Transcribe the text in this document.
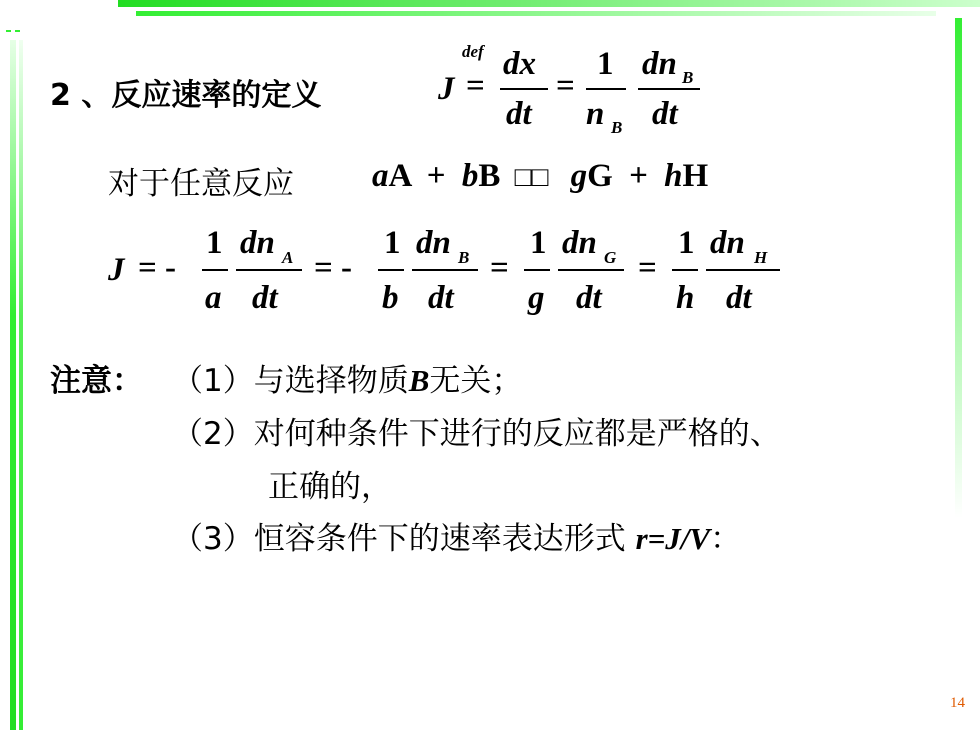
2 、反应速率的定义	J
def
=
dx
dt
=
1
n B
dn B
dt
对于任意反应 aA + bB □□ gG + hH
J = -
1
a
dn A
dt
= -
1
b
dn B
dt
=
1
g
dn G
dt
=
1
h
dn H
dt
注意： （1）与选择物质B无关；
（2）对何种条件下进行的反应都是严格的、
正确的，
（3）恒容条件下的速率表达形式 r=J/V：
14
